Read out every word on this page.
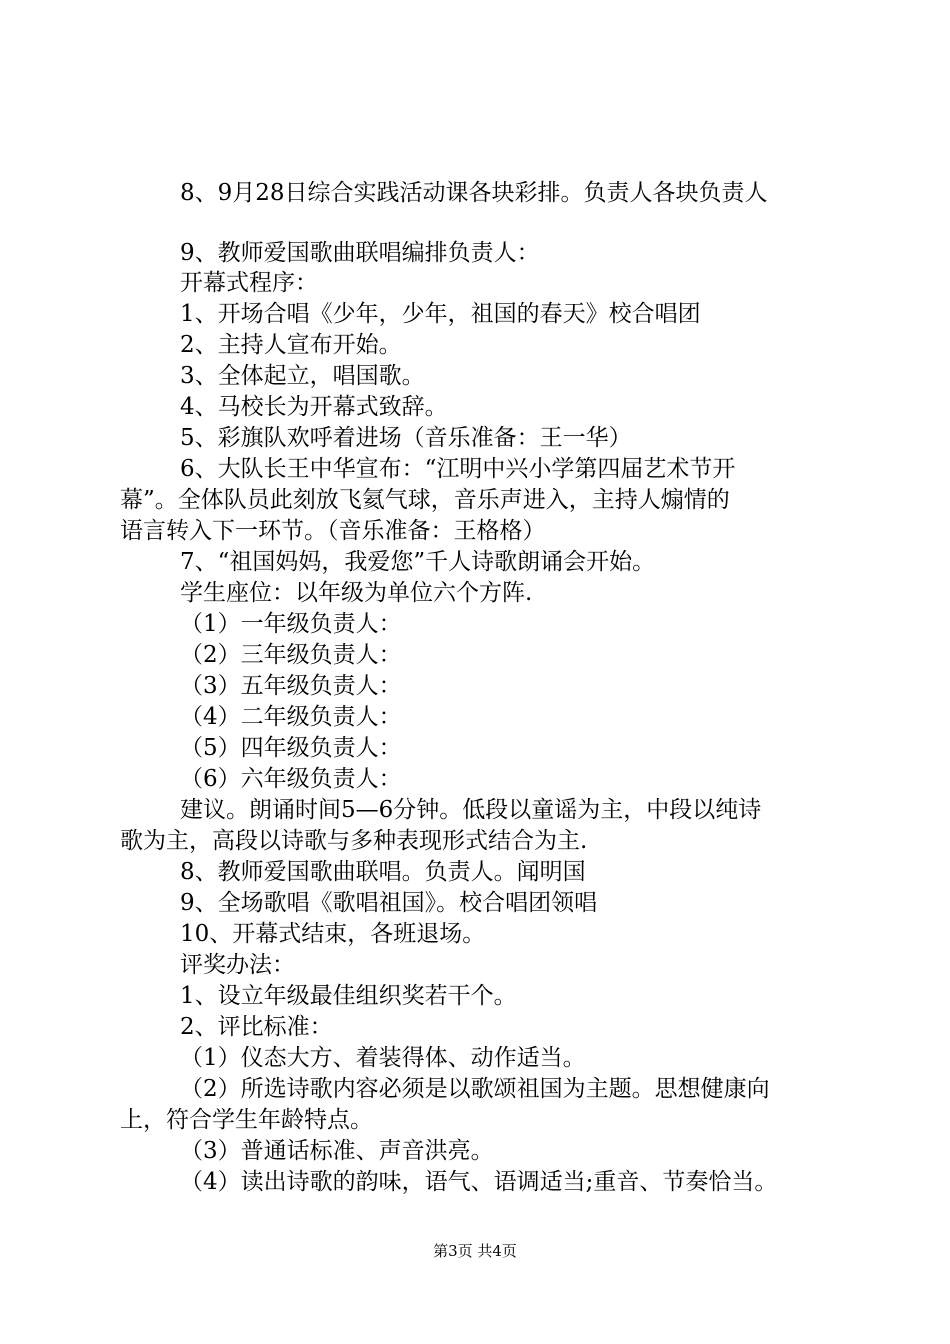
8、9月28日综合实践活动课各块彩排。负责人各块负责人
9、教师爱国歌曲联唱编排负责人：
开幕式程序：
1、开场合唱《少年，少年，祖国的春天》校合唱团
2、主持人宣布开始。
3、全体起立，唱国歌。
4、马校长为开幕式致辞。
5、彩旗队欢呼着进场（音乐准备：王一华）
6、大队长王中华宣布：“江明中兴小学第四届艺术节开
幕”。全体队员此刻放飞氦气球，音乐声进入，主持人煽情的
语言转入下一环节。（音乐准备：王格格）
7、“祖国妈妈，我爱您”千人诗歌朗诵会开始。
学生座位：以年级为单位六个方阵.
（1）一年级负责人：
（2）三年级负责人：
（3）五年级负责人：
（4）二年级负责人：
（5）四年级负责人：
（6）六年级负责人：
建议。朗诵时间5—6分钟。低段以童谣为主，中段以纯诗
歌为主，高段以诗歌与多种表现形式结合为主.
8、教师爱国歌曲联唱。负责人。闻明国
9、全场歌唱《歌唱祖国》。校合唱团领唱
10、开幕式结束，各班退场。
评奖办法：
1、设立年级最佳组织奖若干个。
2、评比标准：
（1）仪态大方、着装得体、动作适当。
（2）所选诗歌内容必须是以歌颂祖国为主题。思想健康向
上，符合学生年龄特点。
（3）普通话标准、声音洪亮。
（4）读出诗歌的韵味，语气、语调适当;重音、节奏恰当。
第3页 共4页
